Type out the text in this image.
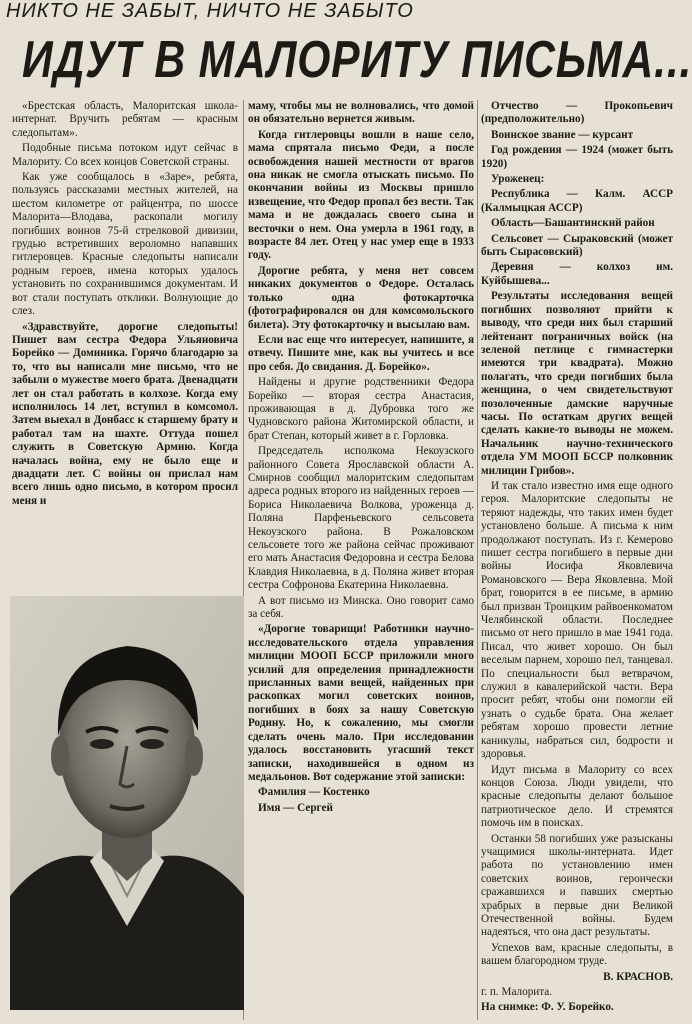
НИКТО НЕ ЗАБЫТ, НИЧТО НЕ ЗАБЫТО
ИДУТ В МАЛОРИТУ ПИСЬМА...

«Брестская область, Малоритская школа-интернат. Вручить ребятам — красным следопытам».

Подобные письма потоком идут сейчас в Малориту. Со всех концов Советской страны.

Как уже сообщалось в «Заре», ребята, пользуясь рассказами местных жителей, на шестом километре от райцентра, по шоссе Малорита—Влодава, раскопали могилу погибших воинов 75-й стрелковой дивизии, грудью встретивших вероломно напавших гитлеровцев. Красные следопыты написали родным героев, имена которых удалось установить по сохранившимся документам. И вот стали поступать отклики. Волнующие до слез.

«Здравствуйте, дорогие следопыты! Пишет вам сестра Федора Ульяновича Борейко — Доминика. Горячо благодарю за то, что вы написали мне письмо, что не забыли о мужестве моего брата. Двенадцати лет он стал работать в колхозе. Когда ему исполнилось 14 лет, вступил в комсомол. Затем выехал в Донбасс к старшему брату и работал там на шахте. Оттуда пошел служить в Советскую Армию. Когда началась война, ему не было еще и двадцати лет. С войны он прислал нам всего лишь одно письмо, в котором просил меня и

маму, чтобы мы не волновались, что домой он обязательно вернется живым.

Когда гитлеровцы вошли в наше село, мама спрятала письмо Феди, а после освобождения нашей местности от врагов она никак не смогла отыскать письмо. По окончании войны из Москвы пришло извещение, что Федор пропал без вести. Так мама и не дождалась своего сына и весточки о нем. Она умерла в 1961 году, в возрасте 84 лет. Отец у нас умер еще в 1933 году.

Дорогие ребята, у меня нет совсем никаких документов о Федоре. Осталась только одна фотокарточка (фотографировался он для комсомольского билета). Эту фотокарточку и высылаю вам.

Если вас еще что интересует, напишите, я отвечу. Пишите мне, как вы учитесь и все про себя. До свидания. Д. Борейко».

Найдены и другие родственники Федора Борейко — вторая сестра Анастасия, проживающая в д. Дубровка того же Чудновского района Житомирской области, и брат Степан, который живет в г. Горловка.

Председатель исполкома Некоузского районного Совета Ярославской области А. Смирнов сообщил малоритским следопытам адреса родных второго из найденных героев — Бориса Николаевича Волкова, уроженца д. Поляна Парфеньевского сельсовета Некоузского района. В Рожаловском сельсовете того же района сейчас проживают его мать Анастасия Федоровна и сестра Белова Клавдия Николаевна, в д. Поляна живет вторая сестра Софронова Екатерина Николаевна.

А вот письмо из Минска. Оно говорит само за себя.

«Дорогие товарищи! Работники научно-исследовательского отдела управления милиции МООП БССР приложили много усилий для определения принадлежности присланных вами вещей, найденных при раскопках могил советских воинов, погибших в боях за нашу Советскую Родину. Но, к сожалению, мы смогли сделать очень мало. При исследовании удалось восстановить угасший текст записки, находившейся в одном из медальонов. Вот содержание этой записки:

Фамилия — Костенко

Имя — Сергей

Отчество — Прокопьевич (предположительно)

Воинское звание — курсант

Год рождения — 1924 (может быть 1920)

Уроженец:

Республика — Калм. АССР (Калмыцкая АССР)

Область—Башантинский район

Сельсовет — Сыраковский (может быть Сырасовский)

Деревня — колхоз им. Куйбышева...

Результаты исследования вещей погибших позволяют прийти к выводу, что среди них был старший лейтенант пограничных войск (на зеленой петлице с гимнастерки имеются три квадрата). Можно полагать, что среди погибших была женщина, о чем свидетельствуют позолоченные дамские наручные часы. По остаткам других вещей сделать какие-то выводы не можем. Начальник научно-технического отдела УМ МООП БССР полковник милиции Грибов».

И так стало известно имя еще одного героя. Малоритские следопыты не теряют надежды, что таких имен будет установлено больше. А письма к ним продолжают поступать. Из г. Кемерово пишет сестра погибшего в первые дни войны Иосифа Яковлевича Романовского — Вера Яковлевна. Мой брат, говорится в ее письме, в армию был призван Троицким райвоенкоматом Челябинской области. Последнее письмо от него пришло в мае 1941 года. Писал, что живет хорошо. Он был веселым парнем, хорошо пел, танцевал. По специальности был ветврачом, служил в кавалерийской части. Вера просит ребят, чтобы они помогли ей узнать о судьбе брата. Она желает ребятам хорошо провести летние каникулы, набраться сил, бодрости и здоровья.

Идут письма в Малориту со всех концов Союза. Люди увидели, что красные следопыты делают большое патриотическое дело. И стремятся помочь им в поисках.

Останки 58 погибших уже разысканы учащимися школы-интерната. Идет работа по установлению имен советских воинов, героически сражавшихся и павших смертью храбрых в первые дни Великой Отечественной войны. Будем надеяться, что она даст результаты.

Успехов вам, красные следопыты, в вашем благородном труде.

В. КРАСНОВ.

г. п. Малорита.

На снимке: Ф. У. Борейко.
